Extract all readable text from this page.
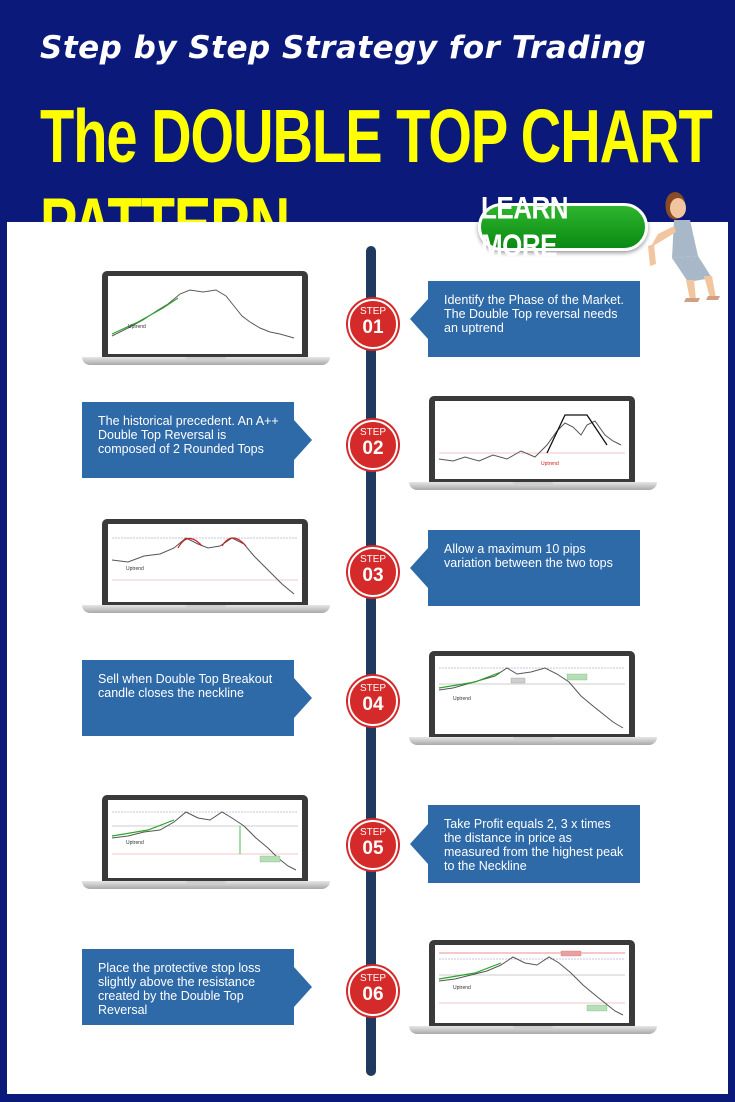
Step by Step Strategy for Trading
The DOUBLE TOP CHART
LEARN MORE
Uptrend
STEP
01
Identify the Phase of the Market. The Double Top reversal needs an uptrend
The historical precedent. An A++ Double Top Reversal is composed of 2 Rounded Tops
STEP
02
Uptrend
Uptrend
STEP
03
Allow a maximum 10 pips variation between the two tops
Sell when Double Top Breakout candle closes the neckline	STEP
04	Uptrend
Uptrend
STEP
05
Take Profit equals 2, 3 x times the distance in price as measured from the highest peak to the Neckline
Place the protective stop loss slightly above the resistance created by the Double Top Reversal
STEP
06	Uptrend
